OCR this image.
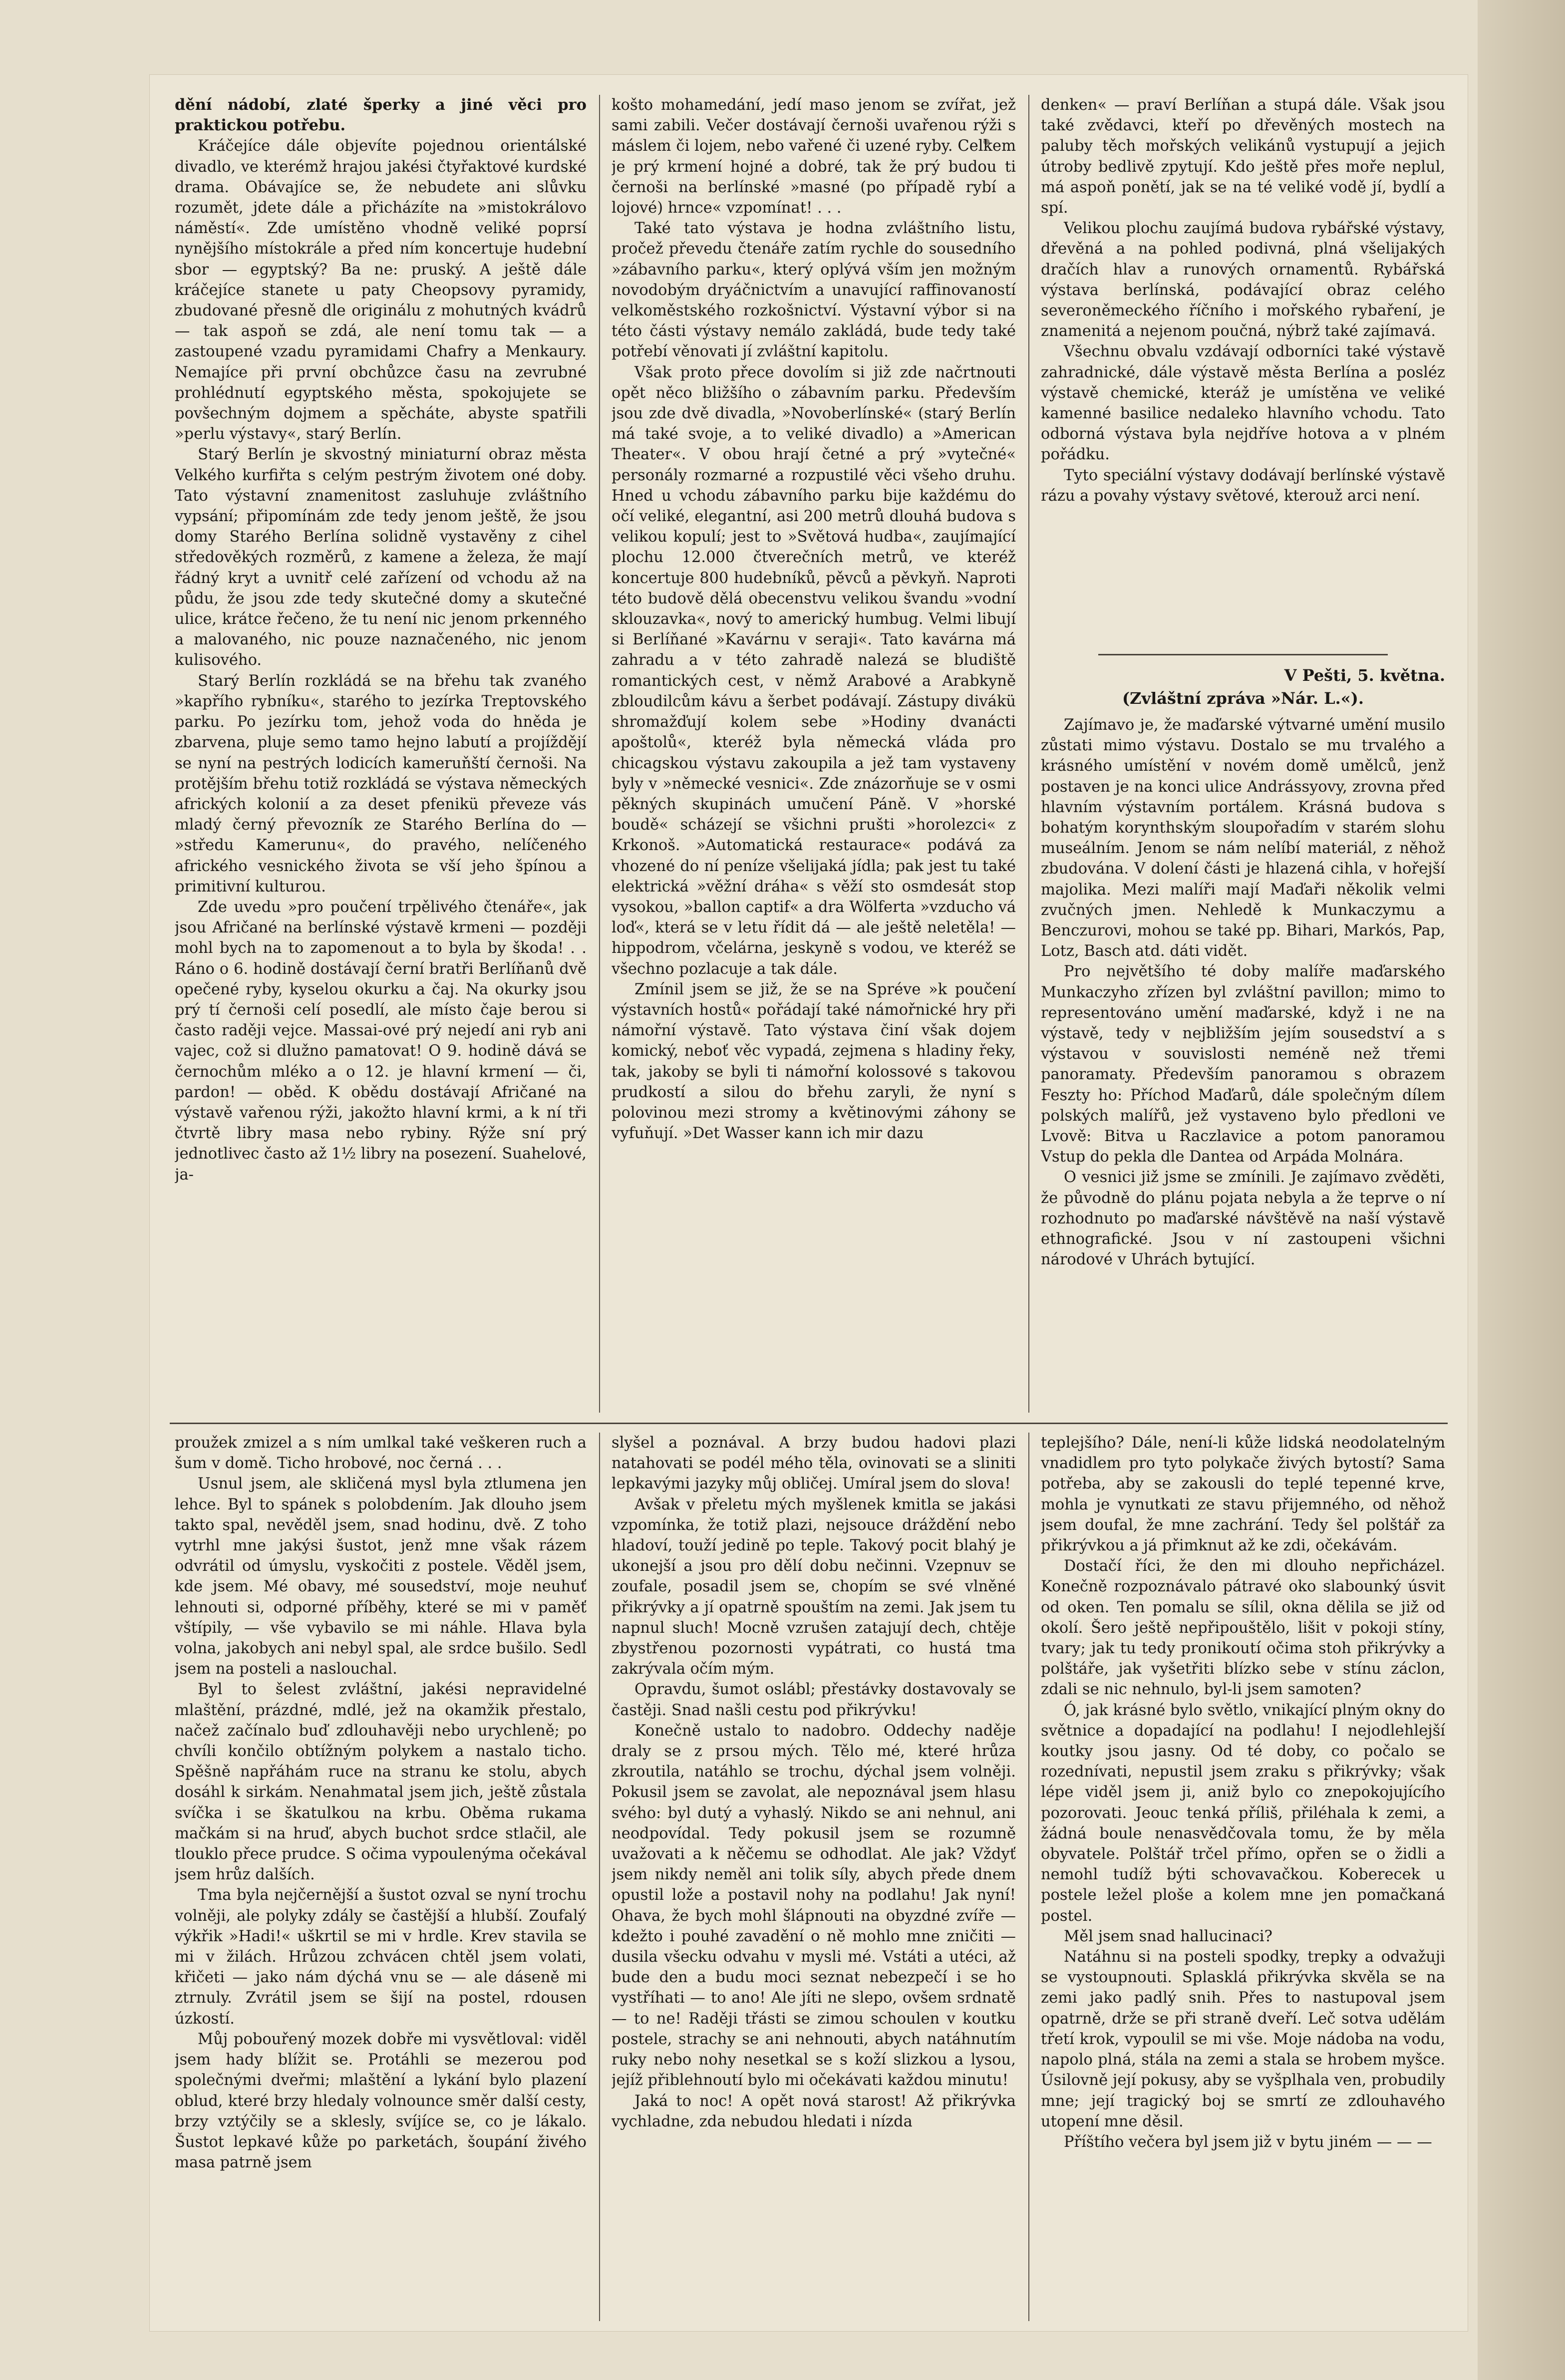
dění nádobí, zlaté šperky a jiné věci pro praktickou potřebu.

Kráčejíce dále objevíte pojednou orientálské divadlo, ve kterémž hrajou jakési čtyřaktové kurdské drama. Obávajíce se, že nebudete ani slůvku rozumět, jdete dále a přicházíte na »mistokrálovo náměstí«. Zde umístěno vhodně veliké poprsí nynějšího místokrále a před ním koncertuje hudební sbor — egyptský? Ba ne: pruský. A ještě dále kráčejíce stanete u paty Cheopsovy pyramidy, zbudované přesně dle originálu z mohutných kvádrů — tak aspoň se zdá, ale není tomu tak — a zastoupené vzadu pyramidami Chafry a Menkaury. Nemajíce při první obchůzce času na zevrubné prohlédnutí egyptského města, spokojujete se povšechným dojmem a spěcháte, abyste spatřili »perlu výstavy«, starý Berlín.

Starý Berlín je skvostný miniaturní obraz města Velkého kurfiřta s celým pestrým životem oné doby. Tato výstavní znamenitost zasluhuje zvláštního vypsání; připomínám zde tedy jenom ještě, že jsou domy Starého Berlína solidně vystavěny z cihel středověkých rozměrů, z kamene a železa, že mají řádný kryt a uvnitř celé zařízení od vchodu až na půdu, že jsou zde tedy skutečné domy a skutečné ulice, krátce řečeno, že tu není nic jenom prkenného a malovaného, nic pouze naznačeného, nic jenom kulisového.

Starý Berlín rozkládá se na břehu tak zvaného »kapřího rybníku«, starého to jezírka Treptovského parku. Po jezírku tom, jehož voda do hněda je zbarvena, pluje semo tamo hejno labutí a projíždějí se nyní na pestrých lodicích kameruňští černoši. Na protějším břehu totiž rozkládá se výstava německých afrických kolonií a za deset pfenikü převeze vás mladý černý převozník ze Starého Berlína do — »středu Kamerunu«, do pravého, nelíčeného afrického vesnického života se vší jeho špínou a primitivní kulturou.

Zde uvedu »pro poučení trpělivého čtenáře«, jak jsou Afričané na berlínské výstavě krmeni — později mohl bych na to zapomenout a to byla by škoda! . . Ráno o 6. hodině dostávají černí bratři Berlíňanů dvě opečené ryby, kyselou okurku a čaj. Na okurky jsou prý tí černoši celí posedlí, ale místo čaje berou si často raději vejce. Massai-ové prý nejedí ani ryb ani vajec, což si dlužno pamatovat! O 9. hodině dává se černochům mléko a o 12. je hlavní krmení — či, pardon! — oběd. K obědu dostávají Afričané na výstavě vařenou rýži, jakožto hlavní krmi, a k ní tři čtvrtě libry masa nebo rybiny. Rýže sní prý jednotlivec často až 1½ libry na posezení. Suahelové, ja-

košto mohamedání, jedí maso jenom se zvířat, jež sami zabili. Večer dostávají černoši uvařenou rýži s máslem či lojem, nebo vařené či uzené ryby. Celkem je prý krmení hojné a dobré, tak že prý budou ti černoši na berlínské »masné (po případě rybí a lojové) hrnce« vzpomínat! . . .

Také tato výstava je hodna zvláštního listu, pročež převedu čtenáře zatím rychle do sousedního »zábavního parku«, který oplývá vším jen možným novodobým dryáčnictvím a unavující raffinovaností velkoměstského rozkošnictví. Výstavní výbor si na této části výstavy nemálo zakládá, bude tedy také potřebí věnovati jí zvláštní kapitolu.

Však proto přece dovolím si již zde načrtnouti opět něco bližšího o zábavním parku. Především jsou zde dvě divadla, »Novoberlínské« (starý Berlín má také svoje, a to veliké divadlo) a »American Theater«. V obou hrají četné a prý »vytečné« personály rozmarné a rozpustilé věci všeho druhu. Hned u vchodu zábavního parku bije každému do očí veliké, elegantní, asi 200 metrů dlouhá budova s velikou kopulí; jest to »Světová hudba«, zaujímající plochu 12.000 čtverečních metrů, ve kteréž koncertuje 800 hudebníků, pěvců a pěvkyň. Naproti této budově dělá obecenstvu velikou švandu »vodní sklouzavka«, nový to americký humbug. Velmi libují si Berlíňané »Kavárnu v seraji«. Tato kavárna má zahradu a v této zahradě nalezá se bludiště romantických cest, v němž Arabové a Arabkyně zbloudilcům kávu a šerbet podávají. Zástupy divákü shromažďují kolem sebe »Hodiny dvanácti apoštolů«, kteréž byla německá vláda pro chicagskou výstavu zakoupila a jež tam vystaveny byly v »německé vesnici«. Zde znázorňuje se v osmi pěkných skupinách umučení Páně. V »horské boudě« scházejí se všichni prušti »horolezci« z Krkonoš. »Automatická restaurace« podává za vhozené do ní peníze všelijaká jídla; pak jest tu také elektrická »věžní dráha« s věží sto osmdesát stop vysokou, »ballon captif« a dra Wölferta »vzducho vá loď«, která se v letu řídit dá — ale ještě neletěla! — hippodrom, včelárna, jeskyně s vodou, ve kteréž se všechno pozlacuje a tak dále.

Zmínil jsem se již, že se na Spréve »k poučení výstavních hostů« pořádají také námořnické hry při námořní výstavě. Tato výstava činí však dojem komický, neboť věc vypadá, zejmena s hladiny řeky, tak, jakoby se byli ti námořní kolossové s takovou prudkostí a silou do břehu zaryli, že nyní s polovinou mezi stromy a květinovými záhony se vyfuňují. »Det Wasser kann ich mir dazu

denken« — praví Berlíňan a stupá dále. Však jsou také zvědavci, kteří po dřevěných mostech na paluby těch mořských velikánů vystupují a jejich útroby bedlivě zpytují. Kdo ještě přes moře neplul, má aspoň ponětí, jak se na té veliké vodě jí, bydlí a spí.

Velikou plochu zaujímá budova rybářské výstavy, dřevěná a na pohled podivná, plná všelijakých dračích hlav a runových ornamentů. Rybářská výstava berlínská, podávající obraz celého severoněmeckého říčního i mořského rybaření, je znamenitá a nejenom poučná, nýbrž také zajímavá.

Všechnu obvalu vzdávají odborníci také výstavě zahradnické, dále výstavě města Berlína a posléz výstavě chemické, kteráž je umístěna ve veliké kamenné basilice nedaleko hlavního vchodu. Tato odborná výstava byla nejdříve hotova a v plném pořádku.

Tyto speciální výstavy dodávají berlínské výstavě rázu a povahy výstavy světové, kterouž arci není.

V Pešti, 5. května.
(Zvláštní zpráva »Nár. L.«).

Zajímavo je, že maďarské výtvarné umění musilo zůstati mimo výstavu. Dostalo se mu trvalého a krásného umístění v novém domě umělců, jenž postaven je na konci ulice Andrássyovy, zrovna před hlavním výstavním portálem. Krásná budova s bohatým korynthským sloupořadím v starém slohu museálním. Jenom se nám nelíbí materiál, z něhož zbudována. V dolení části je hlazená cihla, v hořejší majolika. Mezi malíři mají Maďaři několik velmi zvučných jmen. Nehledě k Munkaczymu a Benczurovi, mohou se také pp. Bihari, Markós, Pap, Lotz, Basch atd. dáti vidět.

Pro největšího té doby malíře maďarského Munkaczyho zřízen byl zvláštní pavillon; mimo to representováno umění maďarské, když i ne na výstavě, tedy v nejbližším jejím sousedství a s výstavou v souvislosti neméně než třemi panoramaty. Především panoramou s obrazem Feszty ho: Příchod Maďarů, dále společným dílem polských malířů, jež vystaveno bylo předloni ve Lvově: Bitva u Raczlavice a potom panoramou Vstup do pekla dle Dantea od Arpáda Molnára.

O vesnici již jsme se zmínili. Je zajímavo zvěděti, že původně do plánu pojata nebyla a že teprve o ní rozhodnuto po maďarské návštěvě na naší výstavě ethnografické. Jsou v ní zastoupeni všichni národové v Uhrách bytující.

proužek zmizel a s ním umlkal také veškeren ruch a šum v domě. Ticho hrobové, noc černá . . .

Usnul jsem, ale skličená mysl byla ztlumena jen lehce. Byl to spánek s polobdením. Jak dlouho jsem takto spal, nevěděl jsem, snad hodinu, dvě. Z toho vytrhl mne jakýsi šustot, jenž mne však rázem odvrátil od úmyslu, vyskočiti z postele. Věděl jsem, kde jsem. Mé obavy, mé sousedství, moje neuhuť lehnouti si, odporné příběhy, které se mi v paměť vštípily, — vše vybavilo se mi náhle. Hlava byla volna, jakobych ani nebyl spal, ale srdce bušilo. Sedl jsem na posteli a naslouchal.

Byl to šelest zvláštní, jakési nepravidelné mlaštění, prázdné, mdlé, jež na okamžik přestalo, načež začínalo buď zdlouhavěji nebo urychleně; po chvíli končilo obtížným polykem a nastalo ticho. Spěšně napřáhám ruce na stranu ke stolu, abych dosáhl k sirkám. Nenahmatal jsem jich, ještě zůstala svíčka i se škatulkou na krbu. Oběma rukama mačkám si na hruď, abych buchot srdce stlačil, ale tlouklo přece prudce. S očima vypoulenýma očekával jsem hrůz dalších.

Tma byla nejčernější a šustot ozval se nyní trochu volněji, ale polyky zdály se častější a hlubší. Zoufalý výkřik »Hadi!« uškrtil se mi v hrdle. Krev stavila se mi v žilách. Hrůzou zchvácen chtěl jsem volati, křičeti — jako nám dýchá vnu se — ale dáseně mi ztrnuly. Zvrátil jsem se šijí na postel, rdousen úzkostí.

Můj pobouřený mozek dobře mi vysvětloval: viděl jsem hady blížit se. Protáhli se mezerou pod společnými dveřmi; mlaštění a lykání bylo plazení oblud, které brzy hledaly volnounce směr další cesty, brzy vztýčily se a sklesly, svíjíce se, co je lákalo. Šustot lepkavé kůže po parketách, šoupání živého masa patrně jsem

slyšel a poznával. A brzy budou hadovi plazi natahovati se podél mého těla, ovinovati se a sliniti lepkavými jazyky můj obličej. Umíral jsem do slova!

Avšak v přeletu mých myšlenek kmitla se jakási vzpomínka, že totiž plazi, nejsouce dráždění nebo hladoví, touží jedině po teple. Takový pocit blahý je ukonejší a jsou pro dělí dobu nečinni. Vzepnuv se zoufale, posadil jsem se, chopím se své vlněné přikrývky a jí opatrně spouštím na zemi. Jak jsem tu napnul sluch! Mocně vzrušen zatajují dech, chtěje zbystřenou pozornosti vypátrati, co hustá tma zakrývala očím mým.

Opravdu, šumot oslábl; přestávky dostavovaly se častěji. Snad našli cestu pod přikrývku!

Konečně ustalo to nadobro. Oddechy naděje draly se z prsou mých. Tělo mé, které hrůza zkroutila, natáhlo se trochu, dýchal jsem volněji. Pokusil jsem se zavolat, ale nepoznával jsem hlasu svého: byl dutý a vyhaslý. Nikdo se ani nehnul, ani neodpovídal. Tedy pokusil jsem se rozumně uvažovati a k něčemu se odhodlat. Ale jak? Vždyť jsem nikdy neměl ani tolik síly, abych přede dnem opustil lože a postavil nohy na podlahu! Jak nyní! Ohava, že bych mohl šlápnouti na obyzdné zvíře — kdežto i pouhé zavadění o ně mohlo mne zničiti — dusila všecku odvahu v mysli mé. Vstáti a utéci, až bude den a budu moci seznat nebezpečí i se ho vystříhati — to ano! Ale jíti ne slepo, ovšem srdnatě — to ne! Raději třásti se zimou schoulen v koutku postele, strachy se ani nehnouti, abych natáhnutím ruky nebo nohy nesetkal se s koží slizkou a lysou, jejíž přiblehnoutí bylo mi očekávati každou minutu!

Jaká to noc! A opět nová starost! Až přikrývka vychladne, zda nebudou hledati i nízda

teplejšího? Dále, není-li kůže lidská neodolatelným vnadidlem pro tyto polykače živých bytostí? Sama potřeba, aby se zakousli do teplé tepenné krve, mohla je vynutkati ze stavu přijemného, od něhož jsem doufal, že mne zachrání. Tedy šel polštář za přikrývkou a já přimknut až ke zdi, očekávám.

Dostačí říci, že den mi dlouho nepřicházel. Konečně rozpoznávalo pátravé oko slabounký úsvit od oken. Ten pomalu se sílil, okna dělila se již od okolí. Šero ještě nepřipouštělo, lišit v pokoji stíny, tvary; jak tu tedy pronikoutí očima stoh přikrývky a polštáře, jak vyšetřiti blízko sebe v stínu záclon, zdali se nic nehnulo, byl-li jsem samoten?

Ó, jak krásné bylo světlo, vnikající plným okny do světnice a dopadající na podlahu! I nejodlehlejší koutky jsou jasny. Od té doby, co počalo se rozednívati, nepustil jsem zraku s přikrývky; však lépe viděl jsem ji, aniž bylo co znepokojujícího pozorovati. Jeouc tenká příliš, přiléhala k zemi, a žádná boule nenasvědčovala tomu, že by měla obyvatele. Polštář trčel přímo, opřen se o židli a nemohl tudíž býti schovavačkou. Koberecek u postele ležel ploše a kolem mne jen pomačkaná postel.

Měl jsem snad hallucinaci?

Natáhnu si na posteli spodky, trepky a odvažuji se vystoupnouti. Splasklá přikrývka skvěla se na zemi jako padlý snih. Přes to nastupoval jsem opatrně, drže se při straně dveří. Leč sotva udělám třetí krok, vypoulil se mi vše. Moje nádoba na vodu, napolo plná, stála na zemi a stala se hrobem myšce. Úsilovně její pokusy, aby se vyšplhala ven, probudily mne; její tragický boj se smrtí ze zdlouhavého utopení mne děsil.

Příštího večera byl jsem již v bytu jiném — — —
